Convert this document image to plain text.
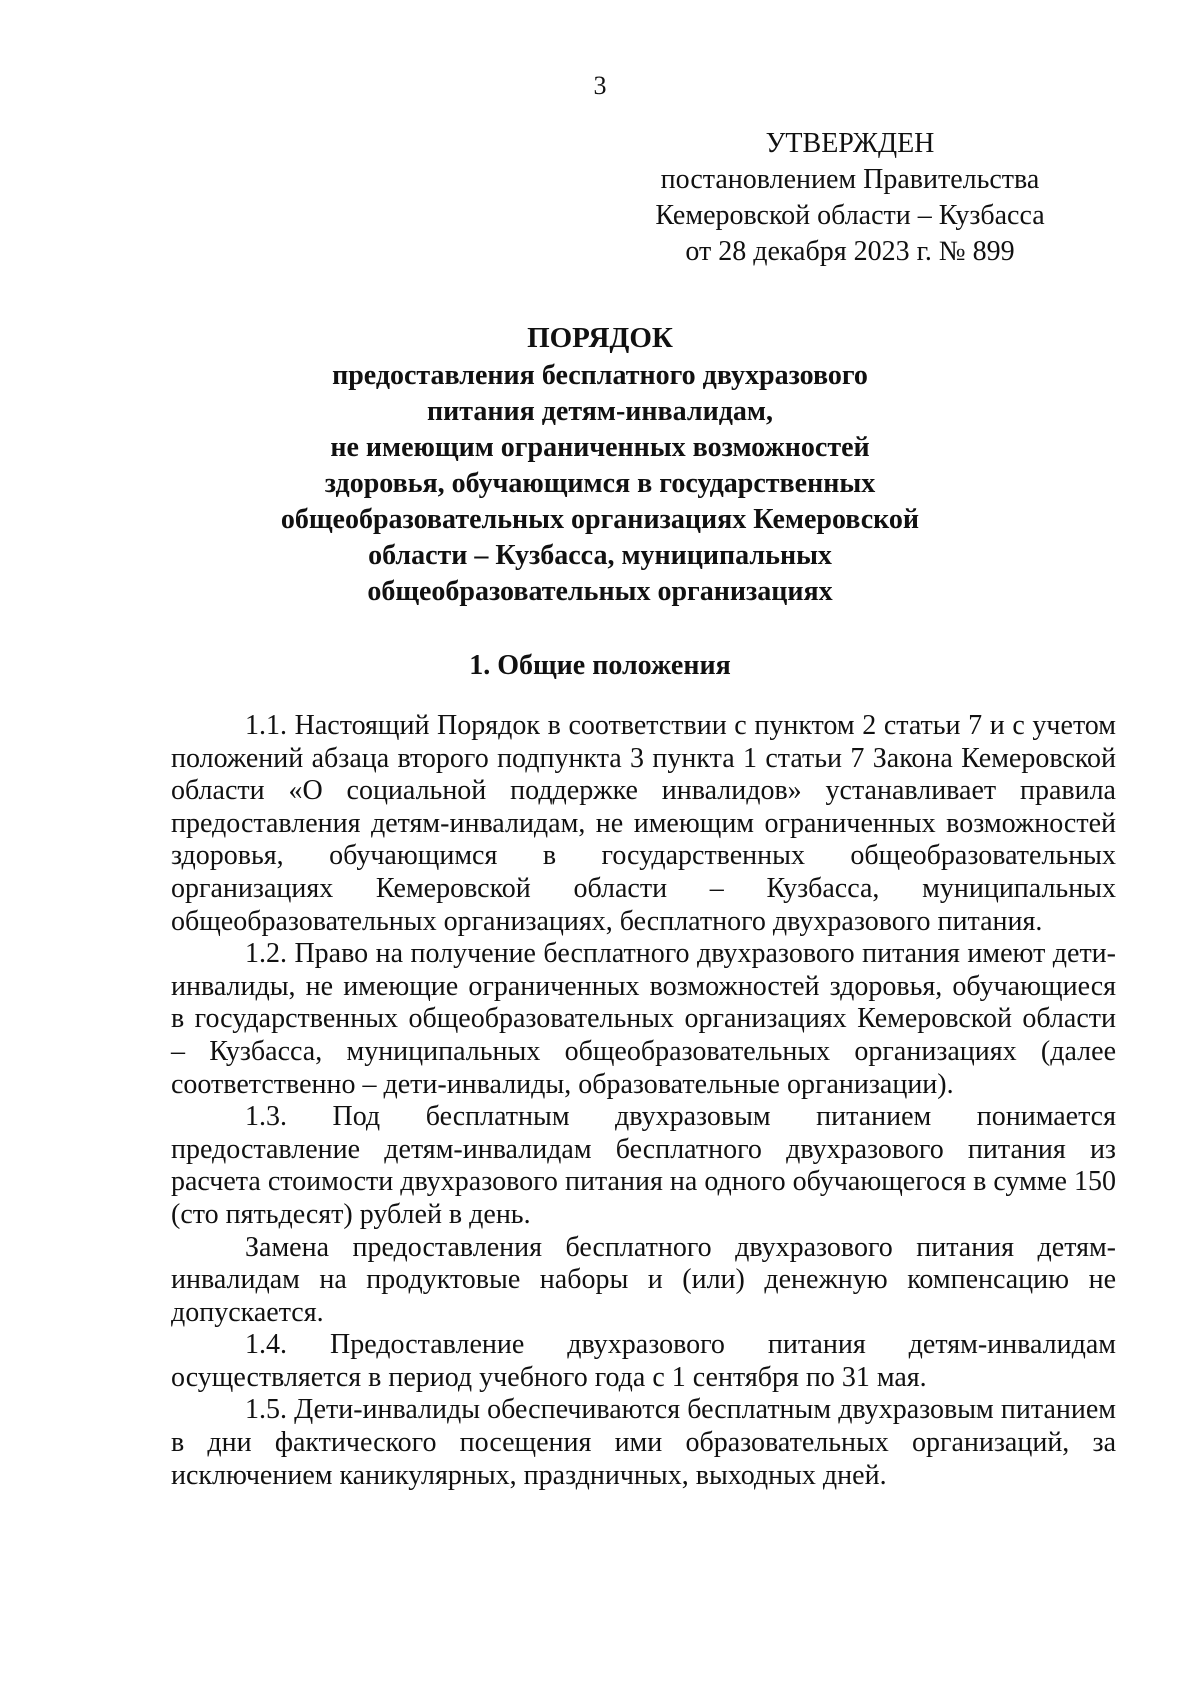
3
УТВЕРЖДЕН
постановлением Правительства
Кемеровской области – Кузбасса
от 28 декабря 2023 г. № 899
ПОРЯДОК
предоставления бесплатного двухразового
питания детям-инвалидам,
не имеющим ограниченных возможностей
здоровья, обучающимся в государственных
общеобразовательных организациях Кемеровской
области – Кузбасса, муниципальных
общеобразовательных организациях
1. Общие положения

1.1. Настоящий Порядок в соответствии с пунктом 2 статьи 7 и с учетом положений абзаца второго подпункта 3 пункта 1 статьи 7 Закона Кемеровской области «О социальной поддержке инвалидов» устанавливает правила предоставления детям-инвалидам, не имеющим ограниченных возможностей здоровья, обучающимся в государственных общеобразовательных организациях Кемеровской области – Кузбасса, муниципальных общеобразовательных организациях, бесплатного двухразового питания.

1.2. Право на получение бесплатного двухразового питания имеют дети-инвалиды, не имеющие ограниченных возможностей здоровья, обучающиеся в государственных общеобразовательных организациях Кемеровской области – Кузбасса, муниципальных общеобразовательных организациях (далее соответственно – дети-инвалиды, образовательные организации).

1.3. Под бесплатным двухразовым питанием понимается предоставление детям-инвалидам бесплатного двухразового питания из расчета стоимости двухразового питания на одного обучающегося в сумме 150 (сто пятьдесят) рублей в день.

Замена предоставления бесплатного двухразового питания детям-инвалидам на продуктовые наборы и (или) денежную компенсацию не допускается.

1.4. Предоставление двухразового питания детям-инвалидам осуществляется в период учебного года с 1 сентября по 31 мая.

1.5. Дети-инвалиды обеспечиваются бесплатным двухразовым питанием в дни фактического посещения ими образовательных организаций, за исключением каникулярных, праздничных, выходных дней.
